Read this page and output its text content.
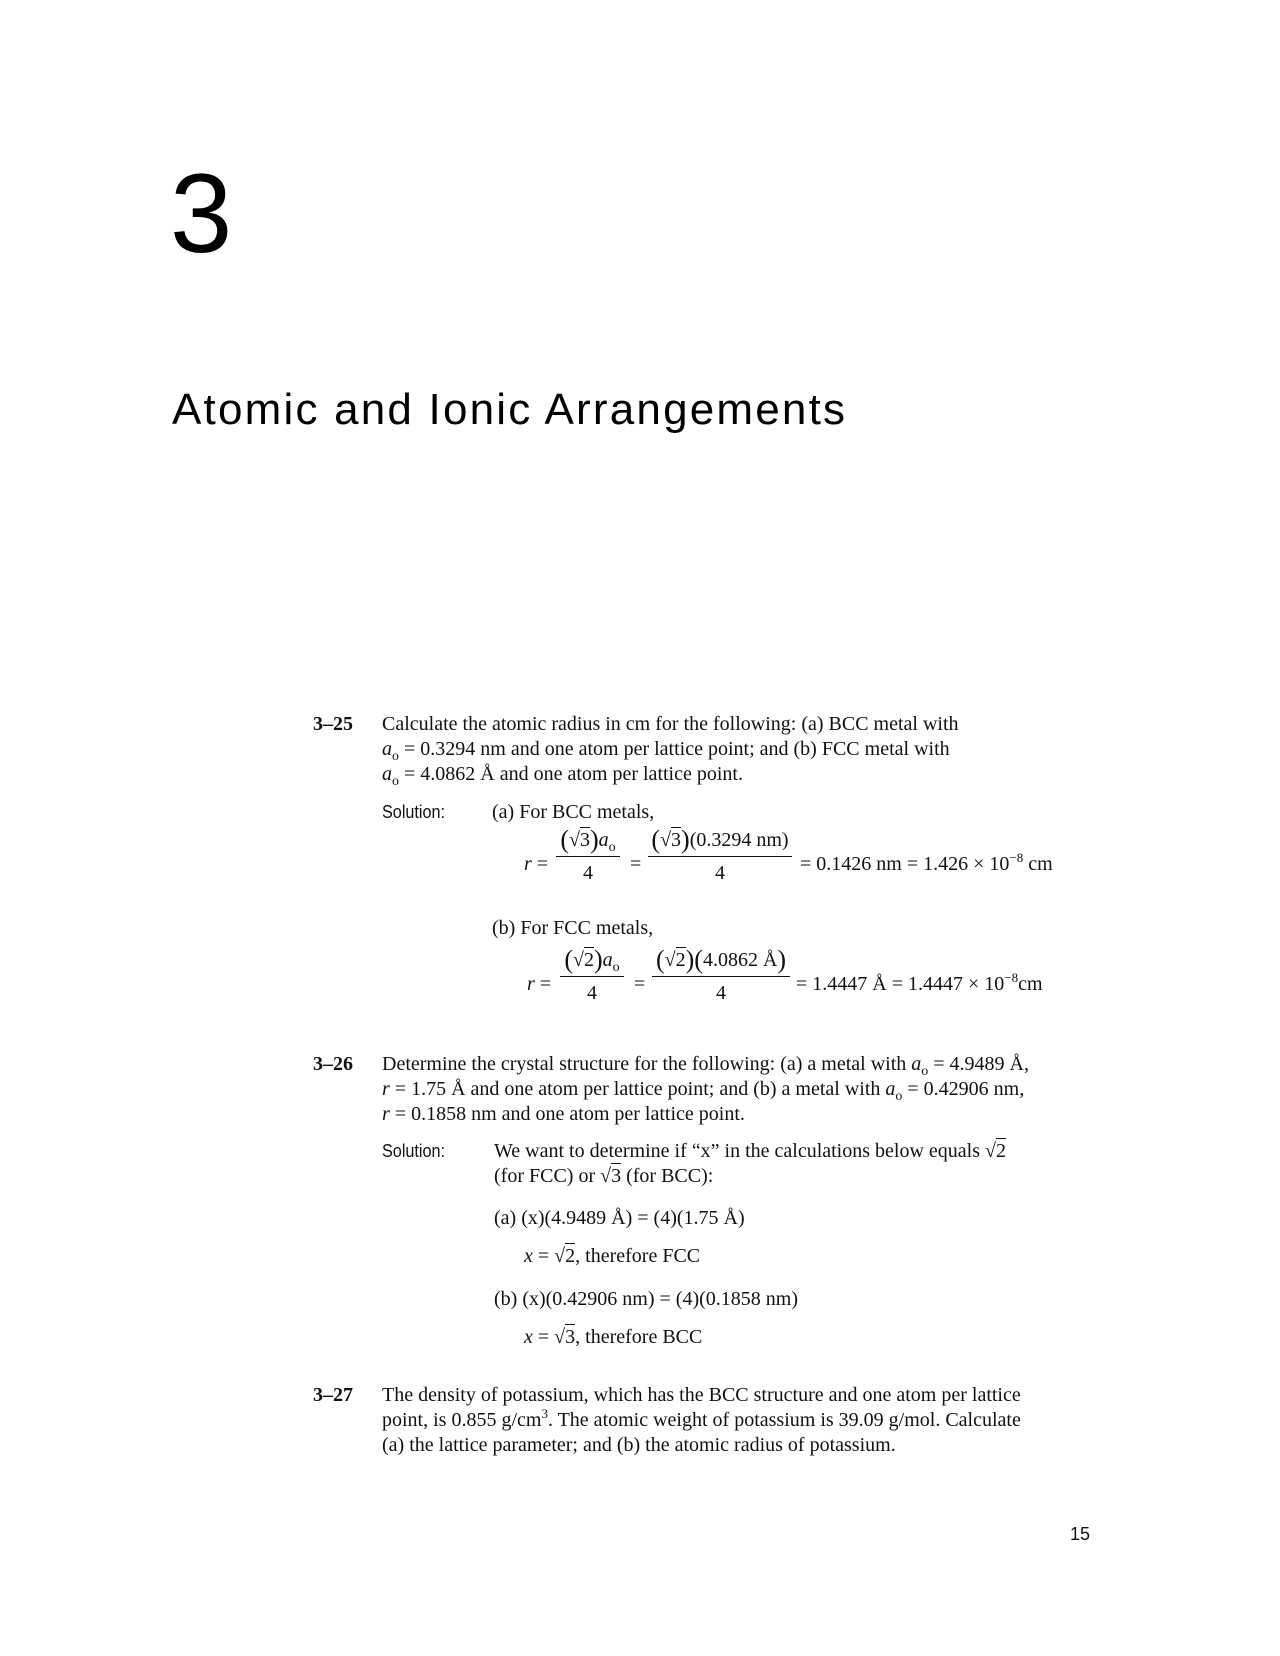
3
Atomic and Ionic Arrangements
3–25 Calculate the atomic radius in cm for the following: (a) BCC metal with
$a_o = 0.3294$ nm and one atom per lattice point; and (b) FCC metal with
$a_o = 4.0862$ Å and one atom per lattice point.
Solution: (a) For BCC metals,
r =
$(√3)a_o$
4	=
(√3)(0.3294 nm)
4	= 0.1426 nm = $1.426 \times 10^{-8}$ cm
(b) For FCC metals,
r =
$(√2)a_o$
4	=
(√2)(4.0862 Å)
4	= 1.4447 Å = $1.4447 \times 10^{-8}cm$
3–26 Determine the crystal structure for the following: (a) a metal with $a_o = 4.9489$ Å,
r = 1.75 Å and one atom per lattice point; and (b) a metal with $a_o = 0.42906$ nm,
r = 0.1858 nm and one atom per lattice point.
Solution: We want to determine if “x” in the calculations below equals √2
(for FCC) or √3 (for BCC):
(a) (x)(4.9489 Å) = (4)(1.75 Å)
x = √2, therefore FCC
(b) (x)(0.42906 nm) = (4)(0.1858 nm)
x = √3, therefore BCC
3–27 The density of potassium, which has the BCC structure and one atom per lattice
point, is 0.855 $g/cm^3$. The atomic weight of potassium is 39.09 g/mol. Calculate
(a) the lattice parameter; and (b) the atomic radius of potassium.
15
